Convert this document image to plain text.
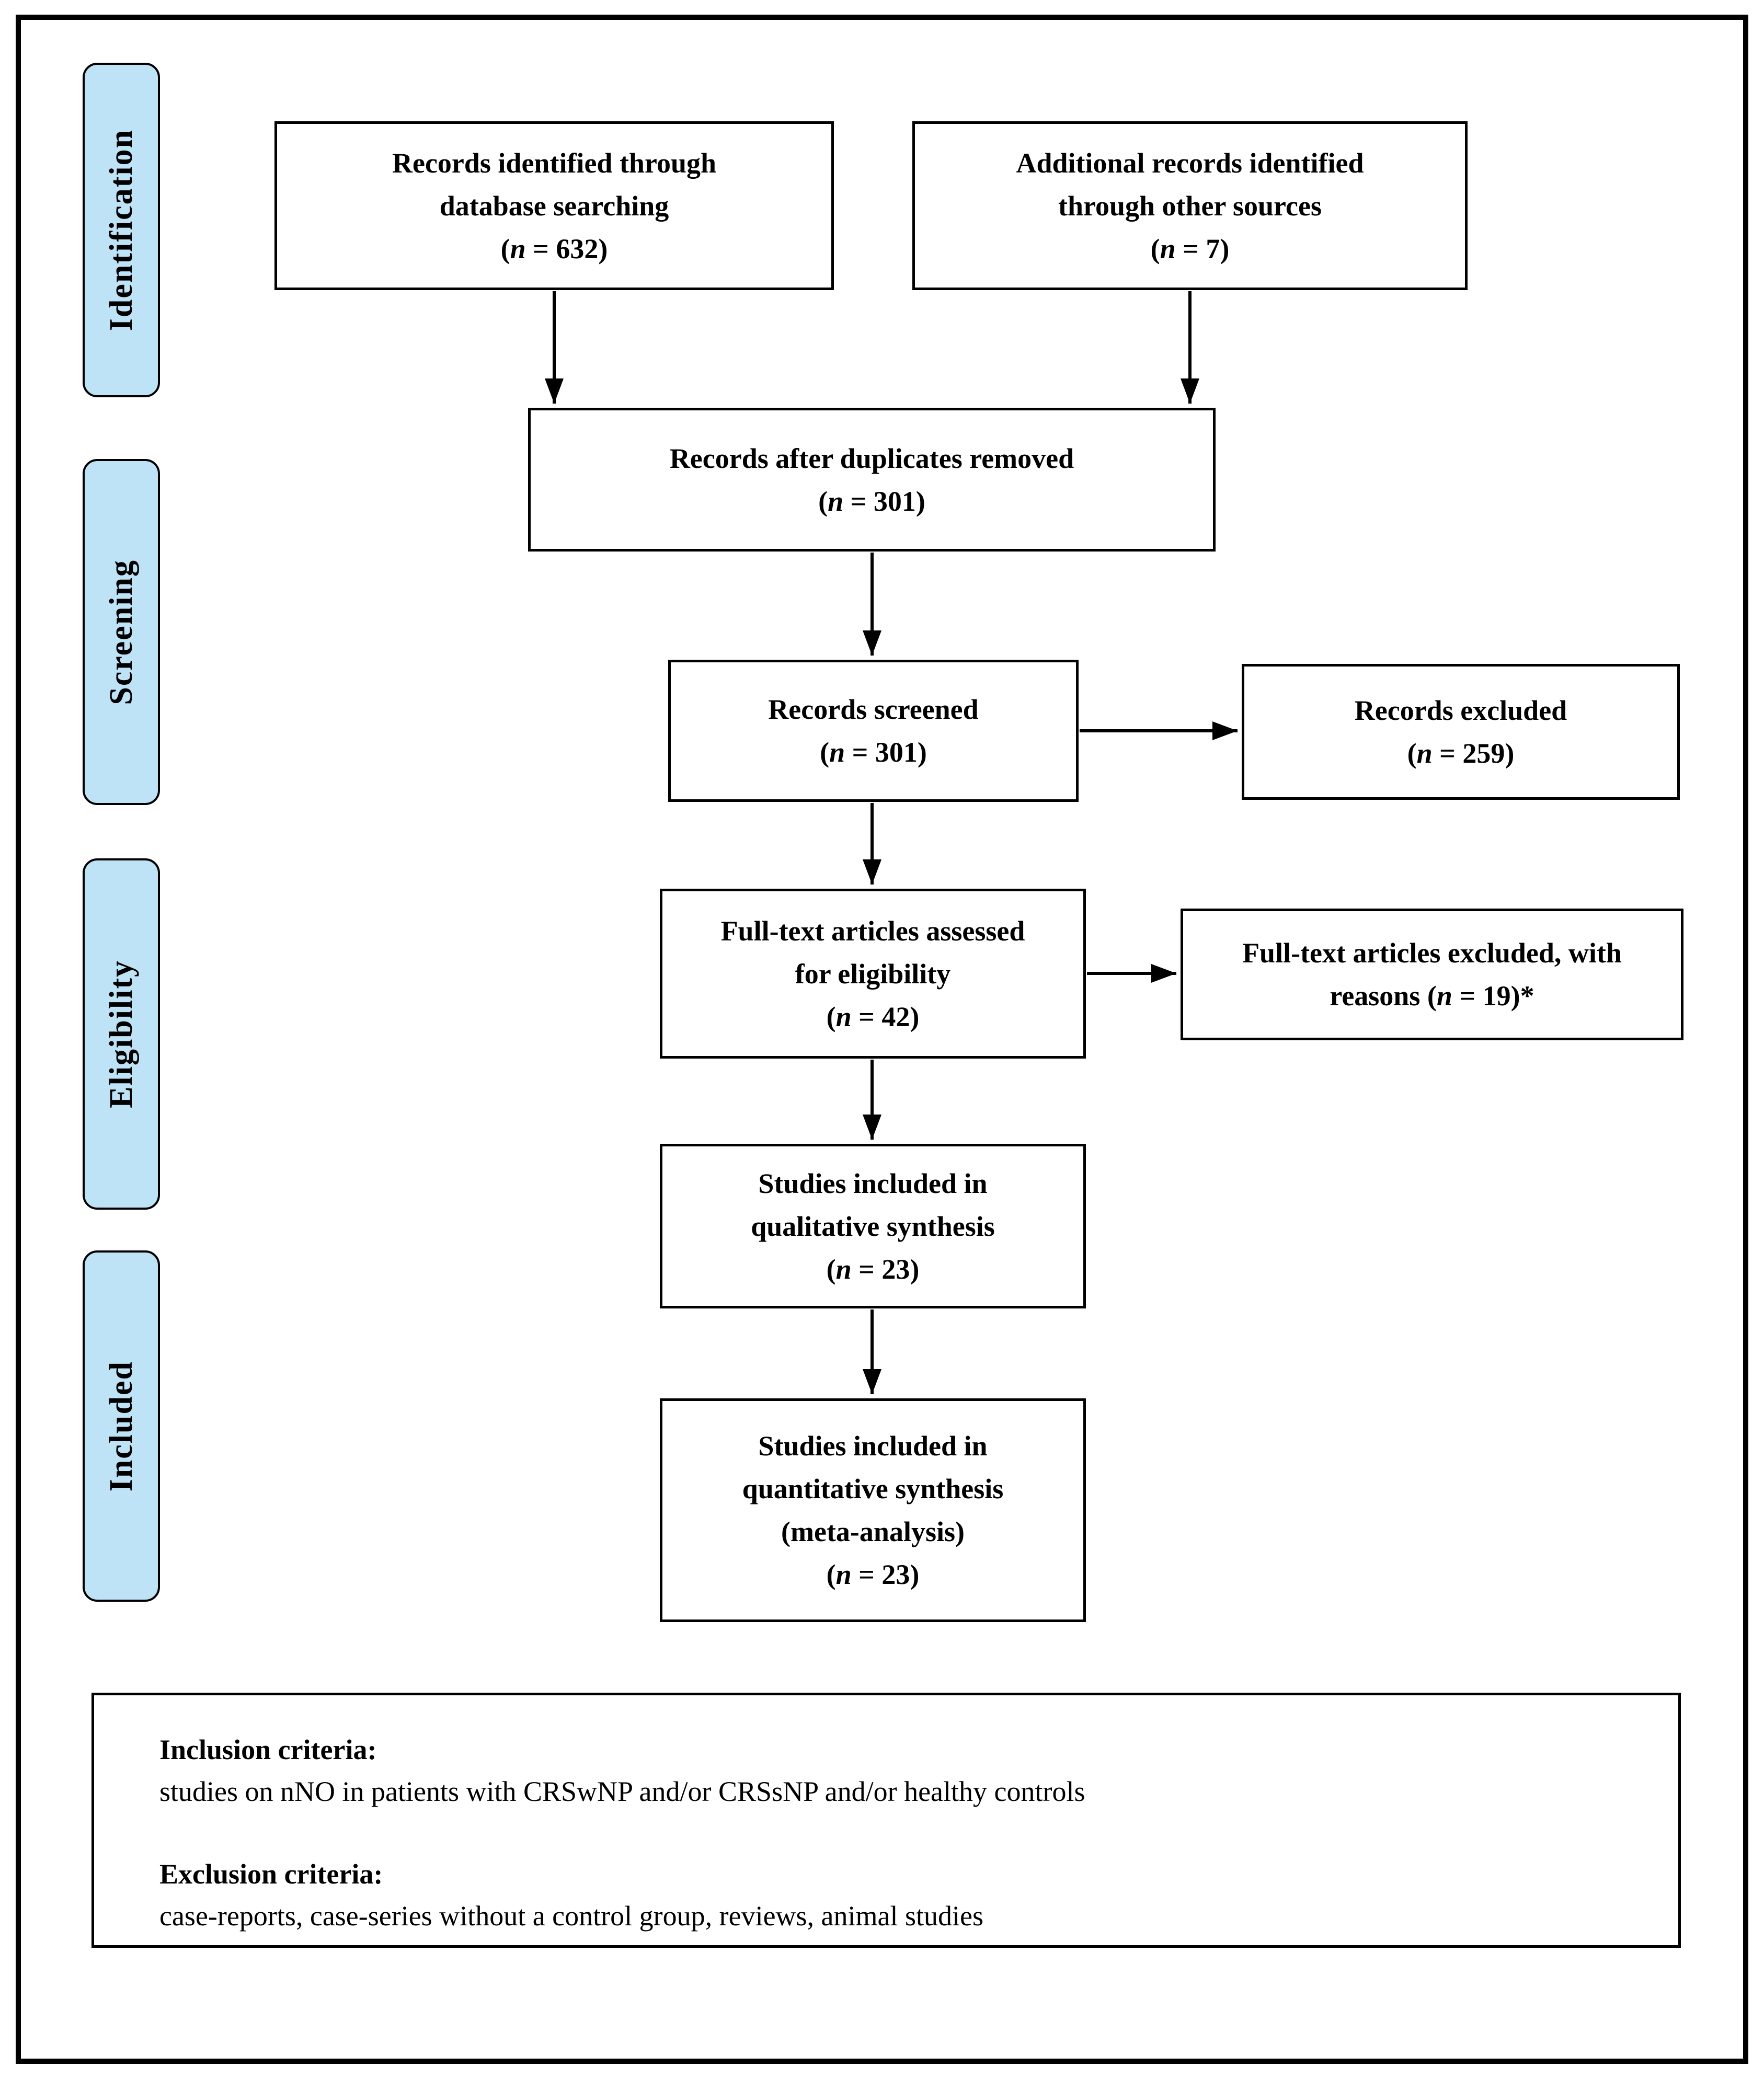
Identification
Screening
Eligibility
Included
Records identified through
database searching
(n = 632)
Additional records identified
through other sources
(n = 7)
Records after duplicates removed
(n = 301)
Records screened
(n = 301)
Records excluded
(n = 259)
Full-text articles assessed
for eligibility
(n = 42)
Full-text articles excluded, with
reasons (n = 19)*
Studies included in
qualitative synthesis
(n = 23)
Studies included in
quantitative synthesis
(meta-analysis)
(n = 23)
Inclusion criteria:
studies on nNO in patients with CRSwNP and/or CRSsNP and/or healthy controls
Exclusion criteria:
case-reports, case-series without a control group, reviews, animal studies
